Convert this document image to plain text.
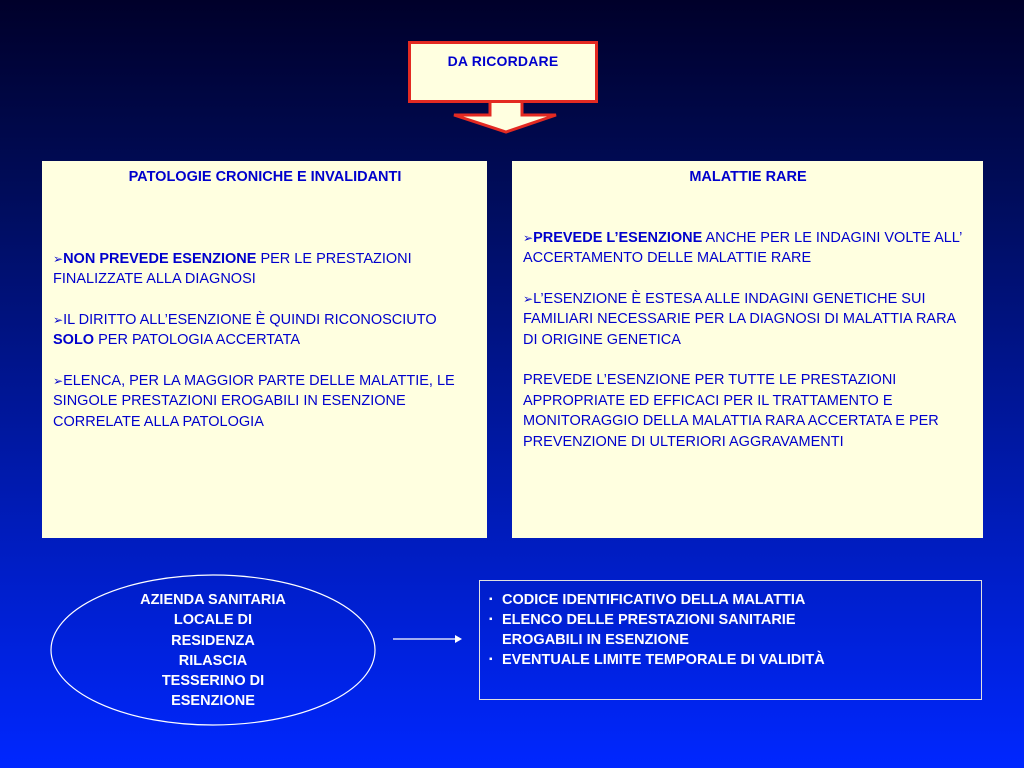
DA RICORDARE
PATOLOGIE CRONICHE E INVALIDANTI

➢NON PREVEDE ESENZIONE PER LE PRESTAZIONI FINALIZZATE ALLA DIAGNOSI

➢IL DIRITTO ALL’ESENZIONE È QUINDI RICONOSCIUTO SOLO PER PATOLOGIA ACCERTATA

➢ELENCA, PER LA MAGGIOR PARTE DELLE MALATTIE, LE SINGOLE PRESTAZIONI EROGABILI IN ESENZIONE CORRELATE ALLA PATOLOGIA

MALATTIE RARE

➢PREVEDE L’ESENZIONE ANCHE PER LE INDAGINI VOLTE ALL’ ACCERTAMENTO DELLE MALATTIE RARE

➢L’ESENZIONE È ESTESA ALLE INDAGINI GENETICHE SUI FAMILIARI NECESSARIE PER LA DIAGNOSI DI MALATTIA RARA DI ORIGINE GENETICA

PREVEDE L’ESENZIONE PER TUTTE LE PRESTAZIONI APPROPRIATE ED EFFICACI PER IL TRATTAMENTO E MONITORAGGIO DELLA MALATTIA RARA ACCERTATA E PER PREVENZIONE DI ULTERIORI AGGRAVAMENTI

AZIENDA SANITARIA
LOCALE DI
RESIDENZA
RILASCIA
TESSERINO DI
ESENZIONE
▪ CODICE IDENTIFICATIVO DELLA MALATTIA
▪ ELENCO DELLE PRESTAZIONI SANITARIE
EROGABILI IN ESENZIONE
▪ EVENTUALE LIMITE TEMPORALE DI VALIDITÀ
